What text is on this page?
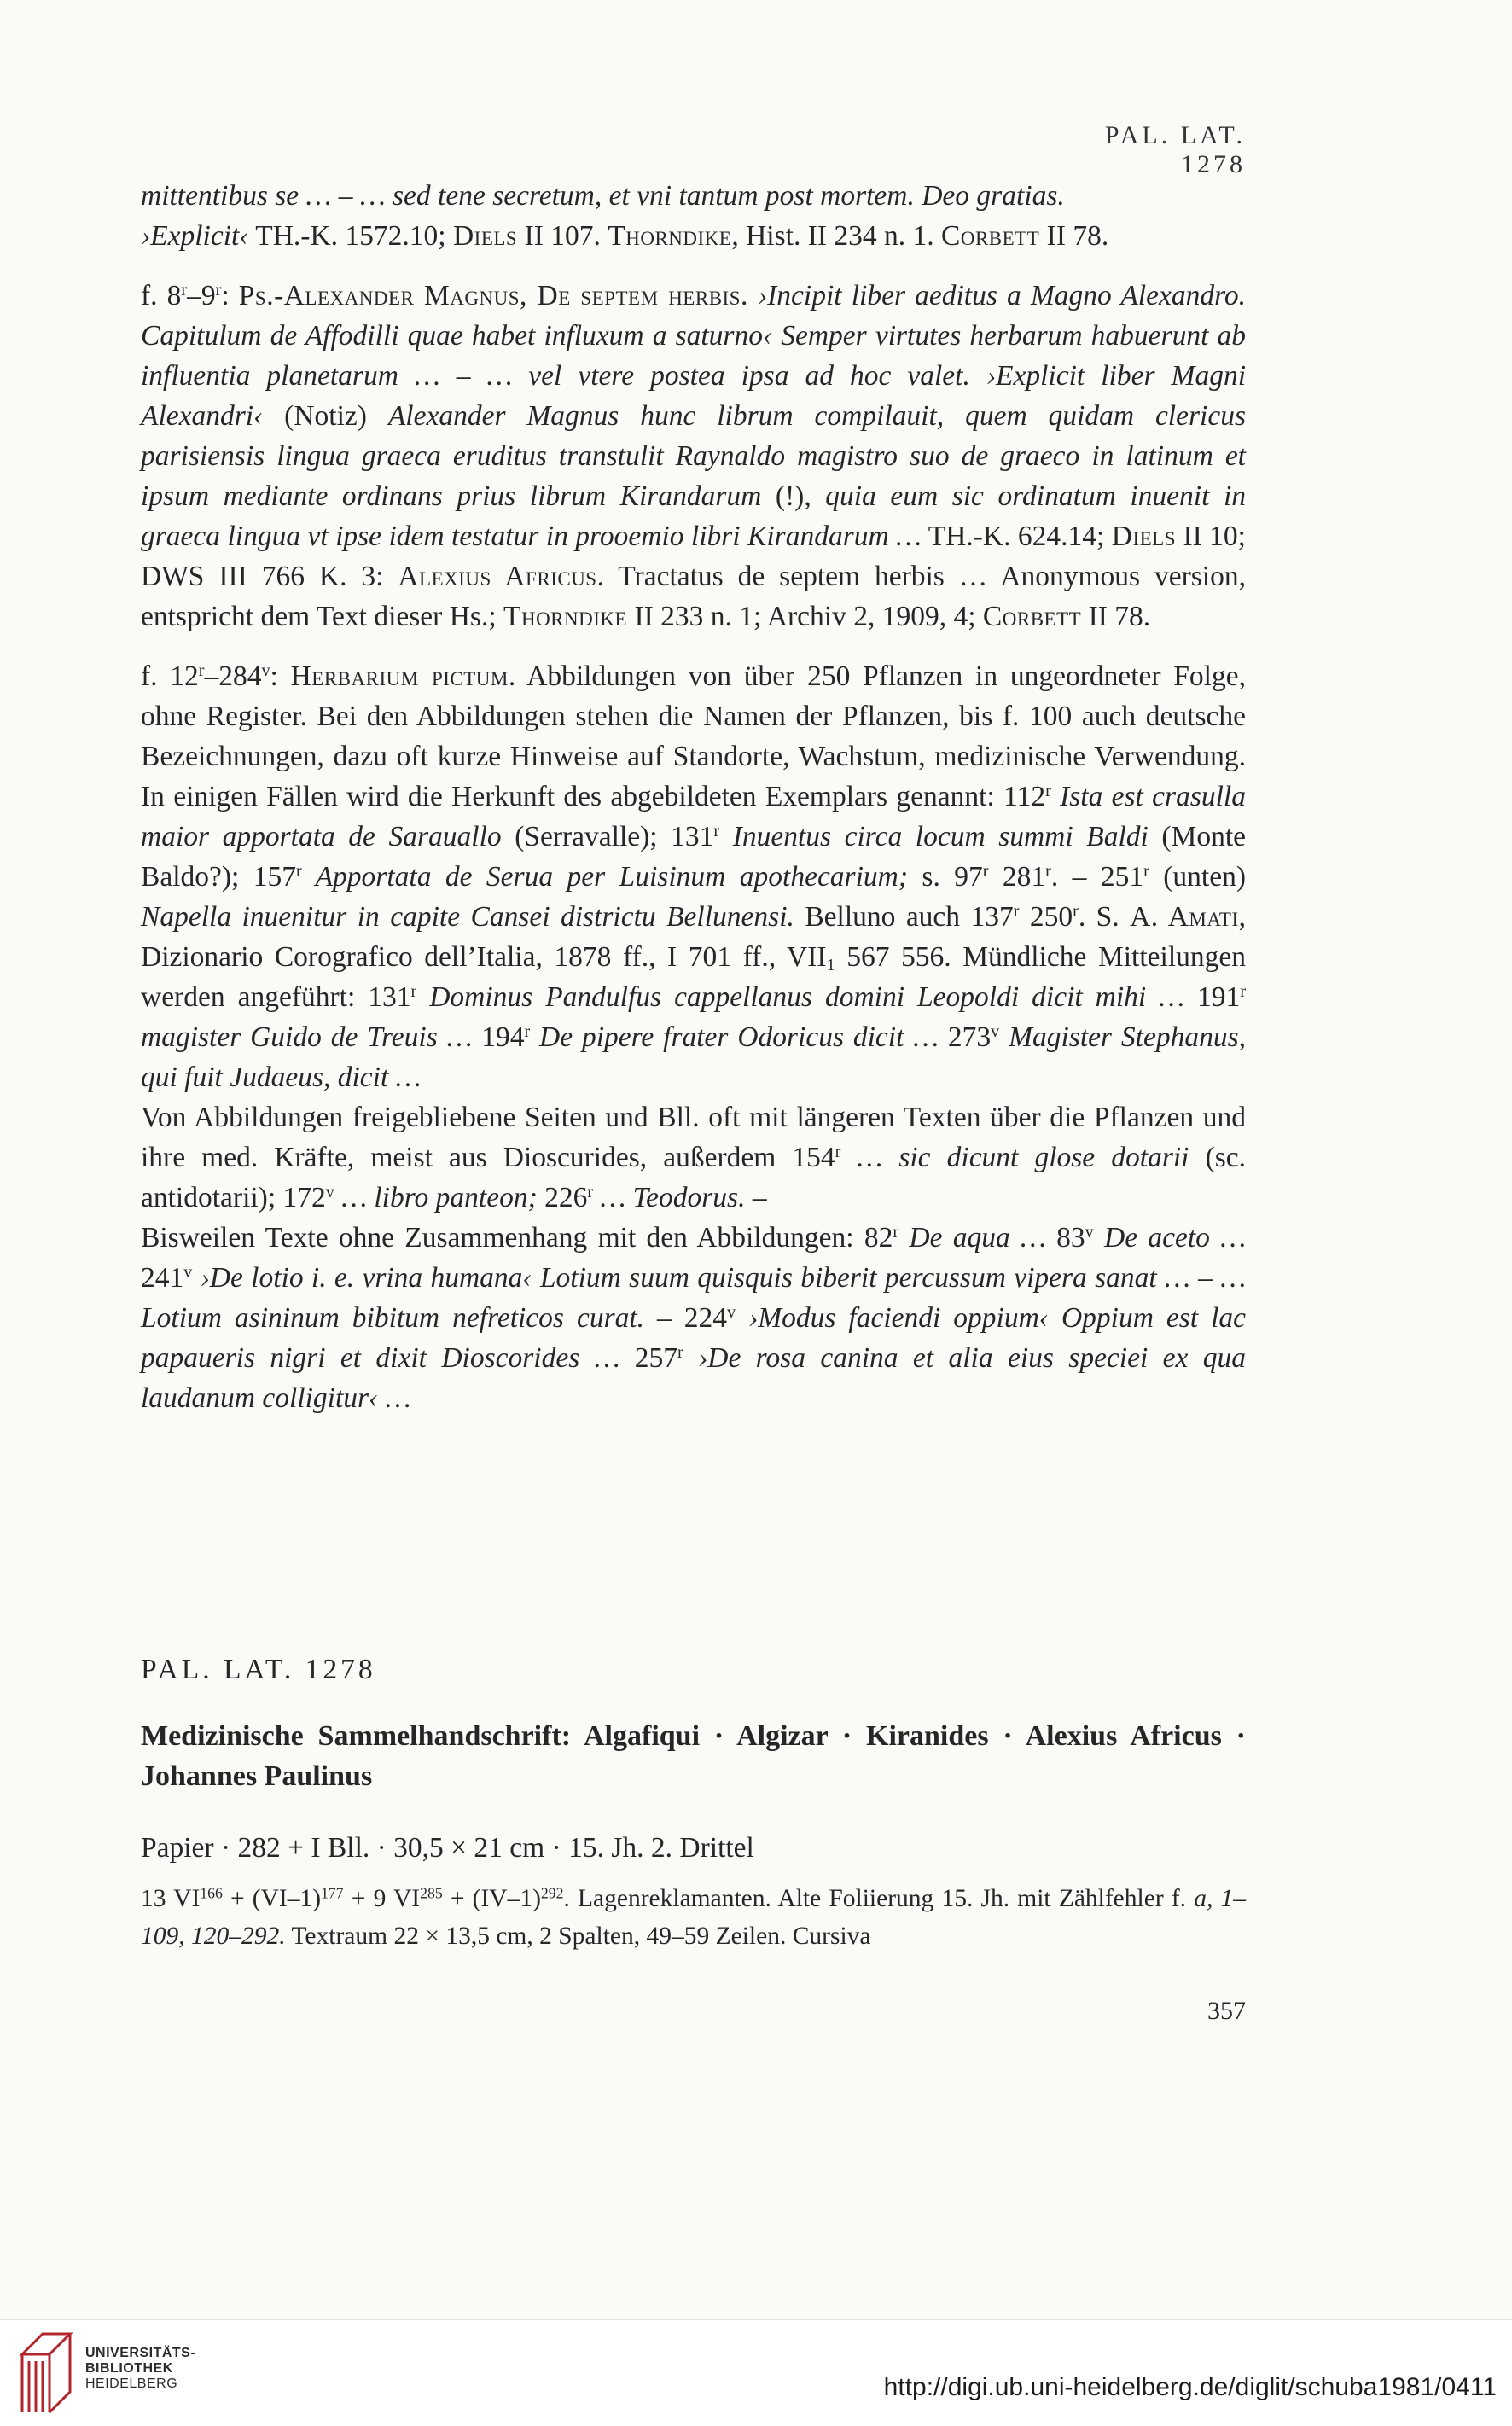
PAL. LAT. 1278

mittentibus se … – … sed tene secretum, et vni tantum post mortem. Deo gratias.
›Explicit‹ TH.-K. 1572.10; Diels II 107. Thorndike, Hist. II 234 n. 1. Corbett II 78.

f. 8$^r$–9$^r$: Ps.-Alexander Magnus, De septem herbis. ›Incipit liber aeditus a Magno Alexandro. Capitulum de Affodilli quae habet influxum a saturno‹ Semper virtutes herbarum habuerunt ab influentia planetarum … – … vel vtere postea ipsa ad hoc valet. ›Explicit liber Magni Alexandri‹ (Notiz) Alexander Magnus hunc librum compilauit, quem quidam clericus parisiensis lingua graeca eruditus transtulit Raynaldo magistro suo de graeco in latinum et ipsum mediante ordinans prius librum Kirandarum (!), quia eum sic ordinatum inuenit in graeca lingua vt ipse idem testatur in prooemio libri Kirandarum … TH.-K. 624.14; Diels II 10; DWS III 766 K. 3: Alexius Africus. Tractatus de septem herbis … Anonymous version, entspricht dem Text dieser Hs.; Thorndike II 233 n. 1; Archiv 2, 1909, 4; Corbett II 78.

f. 12$^r$–284$^v$: Herbarium pictum. Abbildungen von über 250 Pflanzen in ungeordneter Folge, ohne Register. Bei den Abbildungen stehen die Namen der Pflanzen, bis f. 100 auch deutsche Bezeichnungen, dazu oft kurze Hinweise auf Standorte, Wachstum, medizinische Verwendung. In einigen Fällen wird die Herkunft des abgebildeten Exemplars genannt: 112$^r$ Ista est crasulla maior apportata de Sarauallo (Serravalle); 131$^r$ Inuentus circa locum summi Baldi (Monte Baldo?); 157$^r$ Apportata de Serua per Luisinum apothecarium; s. 97$^r$ 281$^r$. – 251$^r$ (unten) Napella inuenitur in capite Cansei districtu Bellunensi. Belluno auch 137$^r$ 250$^r$. S. A. Amati, Dizionario Corografico dell’Italia, 1878 ff., I 701 ff., $VII_1$ 567 556. Mündliche Mitteilungen werden angeführt: 131$^r$ Dominus Pandulfus cappellanus domini Leopoldi dicit mihi … 191$^r$ magister Guido de Treuis … 194$^r$ De pipere frater Odoricus dicit … 273$^v$ Magister Stephanus, qui fuit Judaeus, dicit …
Von Abbildungen freigebliebene Seiten und Bll. oft mit längeren Texten über die Pflanzen und ihre med. Kräfte, meist aus Dioscurides, außerdem 154$^r$ … sic dicunt glose dotarii (sc. antidotarii); 172$^v$ … libro panteon; 226$^r$ … Teodorus. –
Bisweilen Texte ohne Zusammenhang mit den Abbildungen: 82$^r$ De aqua … 83$^v$ De aceto … 241$^v$ ›De lotio i. e. vrina humana‹ Lotium suum quisquis biberit percussum vipera sanat … – … Lotium asininum bibitum nefreticos curat. – 224$^v$ ›Modus faciendi oppium‹ Oppium est lac papaueris nigri et dixit Dioscorides … 257$^r$ ›De rosa canina et alia eius speciei ex qua laudanum colligitur‹ …

PAL. LAT. 1278
Medizinische Sammelhandschrift: Algafiqui · Algizar · Kiranides · Alexius Africus · Johannes Paulinus
Papier · 282 + I Bll. · 30,5 × 21 cm · 15. Jh. 2. Drittel
13 $VI^{166} + (VI-1)^{177} + 9$ $VI^{285} + (IV-1)^{292}$. Lagenreklamanten. Alte Foliierung 15. Jh. mit Zählfehler f. a, 1–109, 120–292. Textraum 22 × 13,5 cm, 2 Spalten, 49–59 Zeilen. Cursiva
357
UNIVERSITÄTS-
BIBLIOTHEK
HEIDELBERG	http://digi.ub.uni-heidelberg.de/diglit/schuba1981/0411
